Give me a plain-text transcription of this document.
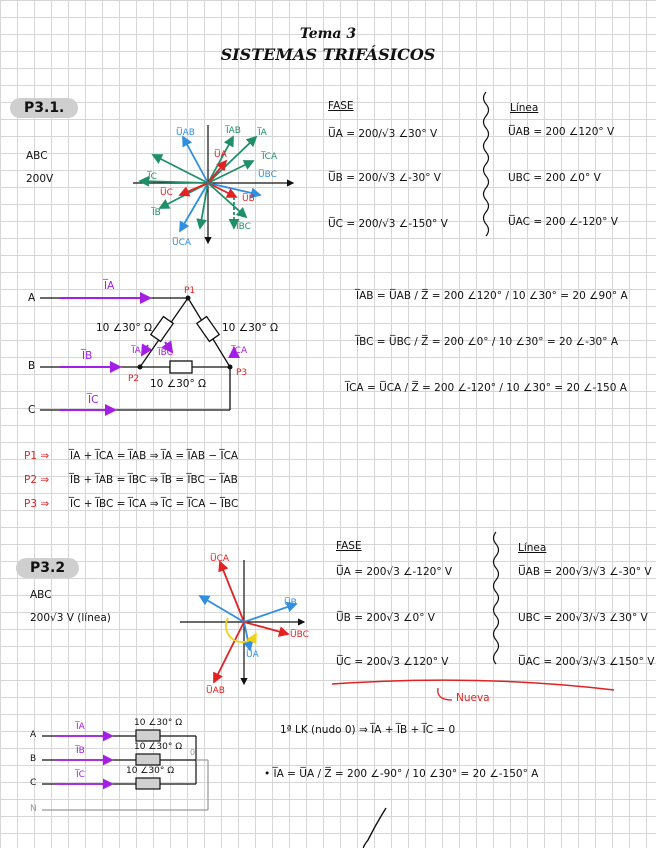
Tema 3
SISTEMAS TRIFÁSICOS
P3.1.
ABC
200V
U̅AB	I̅AB I̅A
I̅CA
I̅C
U̅C
U̅B
I̅BC
I̅B
U̅CA
U̅BC
U̅A
FASE
U̅A = 200/√3 ∠30° V
U̅B = 200/√3 ∠-30° V
U̅C = 200/√3 ∠-150° V
Línea
U̅AB = 200 ∠120° V
UBC = 200 ∠0° V
U̅AC = 200 ∠-120° V
A
B
C
I̅A
I̅B
I̅C
P1
P2
P3
I̅CA
I̅AB I̅BC
10 ∠30° Ω	10 ∠30° Ω
10 ∠30° Ω
I̅AB = U̅AB / Z̅ = 200 ∠120° / 10 ∠30° = 20 ∠90° A
I̅BC = U̅BC / Z̅ = 200 ∠0° / 10 ∠30° = 20 ∠-30° A
I̅CA = U̅CA / Z̅ = 200 ∠-120° / 10 ∠30° = 20 ∠-150 A
P1 ⇒ I̅A + I̅CA = I̅AB ⇒ I̅A = I̅AB − I̅CA
P2 ⇒ I̅B + I̅AB = I̅BC ⇒ I̅B = I̅BC − I̅AB
P3 ⇒ I̅C + I̅BC = I̅CA ⇒ I̅C = I̅CA − I̅BC
P3.2
ABC
200√3 V (línea)
U̅CA
U̅B
U̅BC
U̅A
U̅AB
FASE
U̅A = 200√3 ∠-120° V
U̅B = 200√3 ∠0° V
U̅C = 200√3 ∠120° V
Línea
U̅AB = 200√3/√3 ∠-30° V
UBC = 200√3/√3 ∠30° V
U̅AC = 200√3/√3 ∠150° V
Nueva
A
B
C
N
I̅A
I̅B
I̅C
10 ∠30° Ω
10 ∠30° Ω
10 ∠30° Ω
0
1ª LK (nudo 0) ⇒ I̅A + I̅B + I̅C = 0
• I̅A = U̅A / Z̅ = 200 ∠-90° / 10 ∠30° = 20 ∠-150° A
